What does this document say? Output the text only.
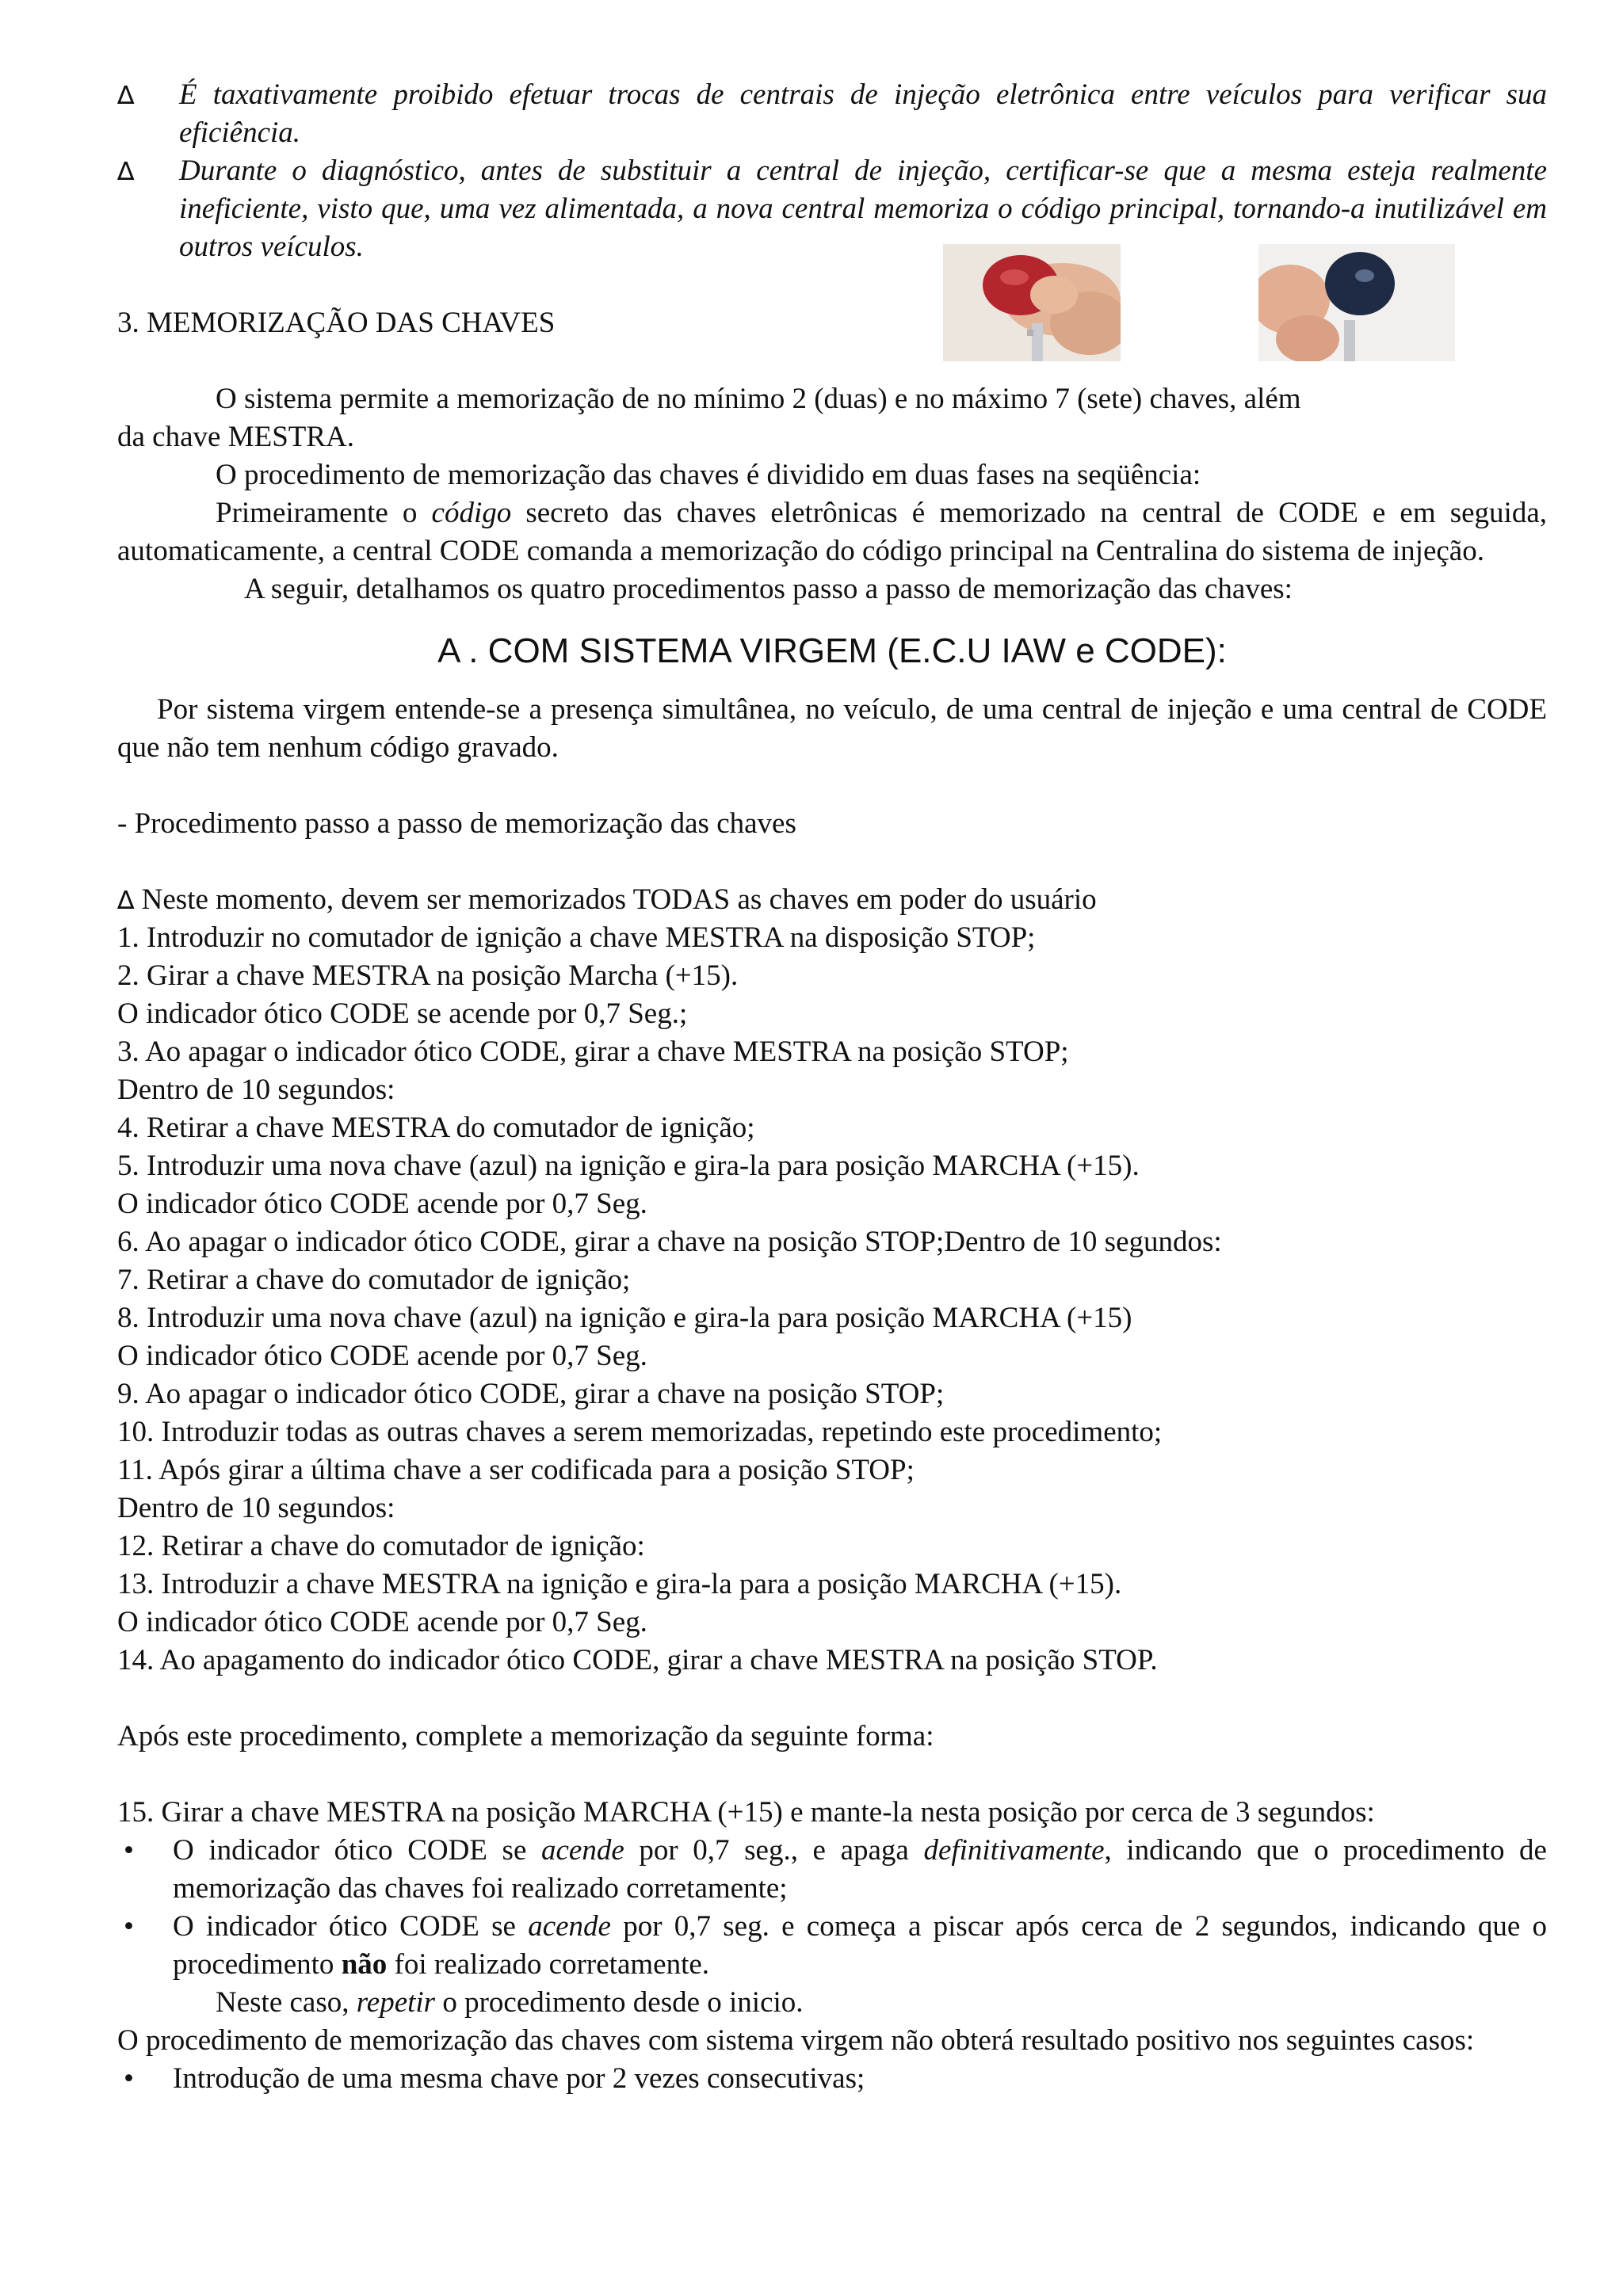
∆	É taxativamente proibido efetuar trocas de centrais de injeção eletrônica entre veículos para verificar sua eficiência.
∆	Durante o diagnóstico, antes de substituir a central de injeção, certificar-se que a mesma esteja realmente ineficiente, visto que, uma vez alimentada, a nova central memoriza o código principal, tornando-a inutilizável em outros veículos.
3. MEMORIZAÇÃO DAS CHAVES
O sistema permite a memorização de no mínimo 2 (duas) e no máximo 7 (sete) chaves, além
da chave MESTRA.
O procedimento de memorização das chaves é dividido em duas fases na seqüência:
Primeiramente o código secreto das chaves eletrônicas é memorizado na central de CODE e em seguida, automaticamente, a central CODE comanda a memorização do código principal na Centralina do sistema de injeção.
A seguir, detalhamos os quatro procedimentos passo a passo de memorização das chaves:
A . COM SISTEMA VIRGEM (E.C.U IAW e CODE):
Por sistema virgem entende-se a presença simultânea, no veículo, de uma central de injeção e uma central de CODE que não tem nenhum código gravado.
- Procedimento passo a passo de memorização das chaves
∆ Neste momento, devem ser memorizados TODAS as chaves em poder do usuário
1. Introduzir no comutador de ignição a chave MESTRA na disposição STOP;
2. Girar a chave MESTRA na posição Marcha (+15).
O indicador ótico CODE se acende por 0,7 Seg.;
3. Ao apagar o indicador ótico CODE, girar a chave MESTRA na posição STOP;
Dentro de 10 segundos:
4. Retirar a chave MESTRA do comutador de ignição;
5. Introduzir uma nova chave (azul) na ignição e gira-la para posição MARCHA (+15).
O indicador ótico CODE acende por 0,7 Seg.
6. Ao apagar o indicador ótico CODE, girar a chave na posição STOP;Dentro de 10 segundos:
7. Retirar a chave do comutador de ignição;
8. Introduzir uma nova chave (azul) na ignição e gira-la para posição MARCHA (+15)
O indicador ótico CODE acende por 0,7 Seg.
9. Ao apagar o indicador ótico CODE, girar a chave na posição STOP;
10. Introduzir todas as outras chaves a serem memorizadas, repetindo este procedimento;
11. Após girar a última chave a ser codificada para a posição STOP;
Dentro de 10 segundos:
12. Retirar a chave do comutador de ignição:
13. Introduzir a chave MESTRA na ignição e gira-la para a posição MARCHA (+15).
O indicador ótico CODE acende por 0,7 Seg.
14. Ao apagamento do indicador ótico CODE, girar a chave MESTRA na posição STOP.
Após este procedimento, complete a memorização da seguinte forma:
15. Girar a chave MESTRA na posição MARCHA (+15) e mante-la nesta posição por cerca de 3 segundos:
•	O indicador ótico CODE se acende por 0,7 seg., e apaga definitivamente, indicando que o procedimento de memorização das chaves foi realizado corretamente;
•	O indicador ótico CODE se acende por 0,7 seg. e começa a piscar após cerca de 2 segundos, indicando que o procedimento não foi realizado corretamente.
Neste caso, repetir o procedimento desde o inicio.
O procedimento de memorização das chaves com sistema virgem não obterá resultado positivo nos seguintes casos:
•	Introdução de uma mesma chave por 2 vezes consecutivas;
